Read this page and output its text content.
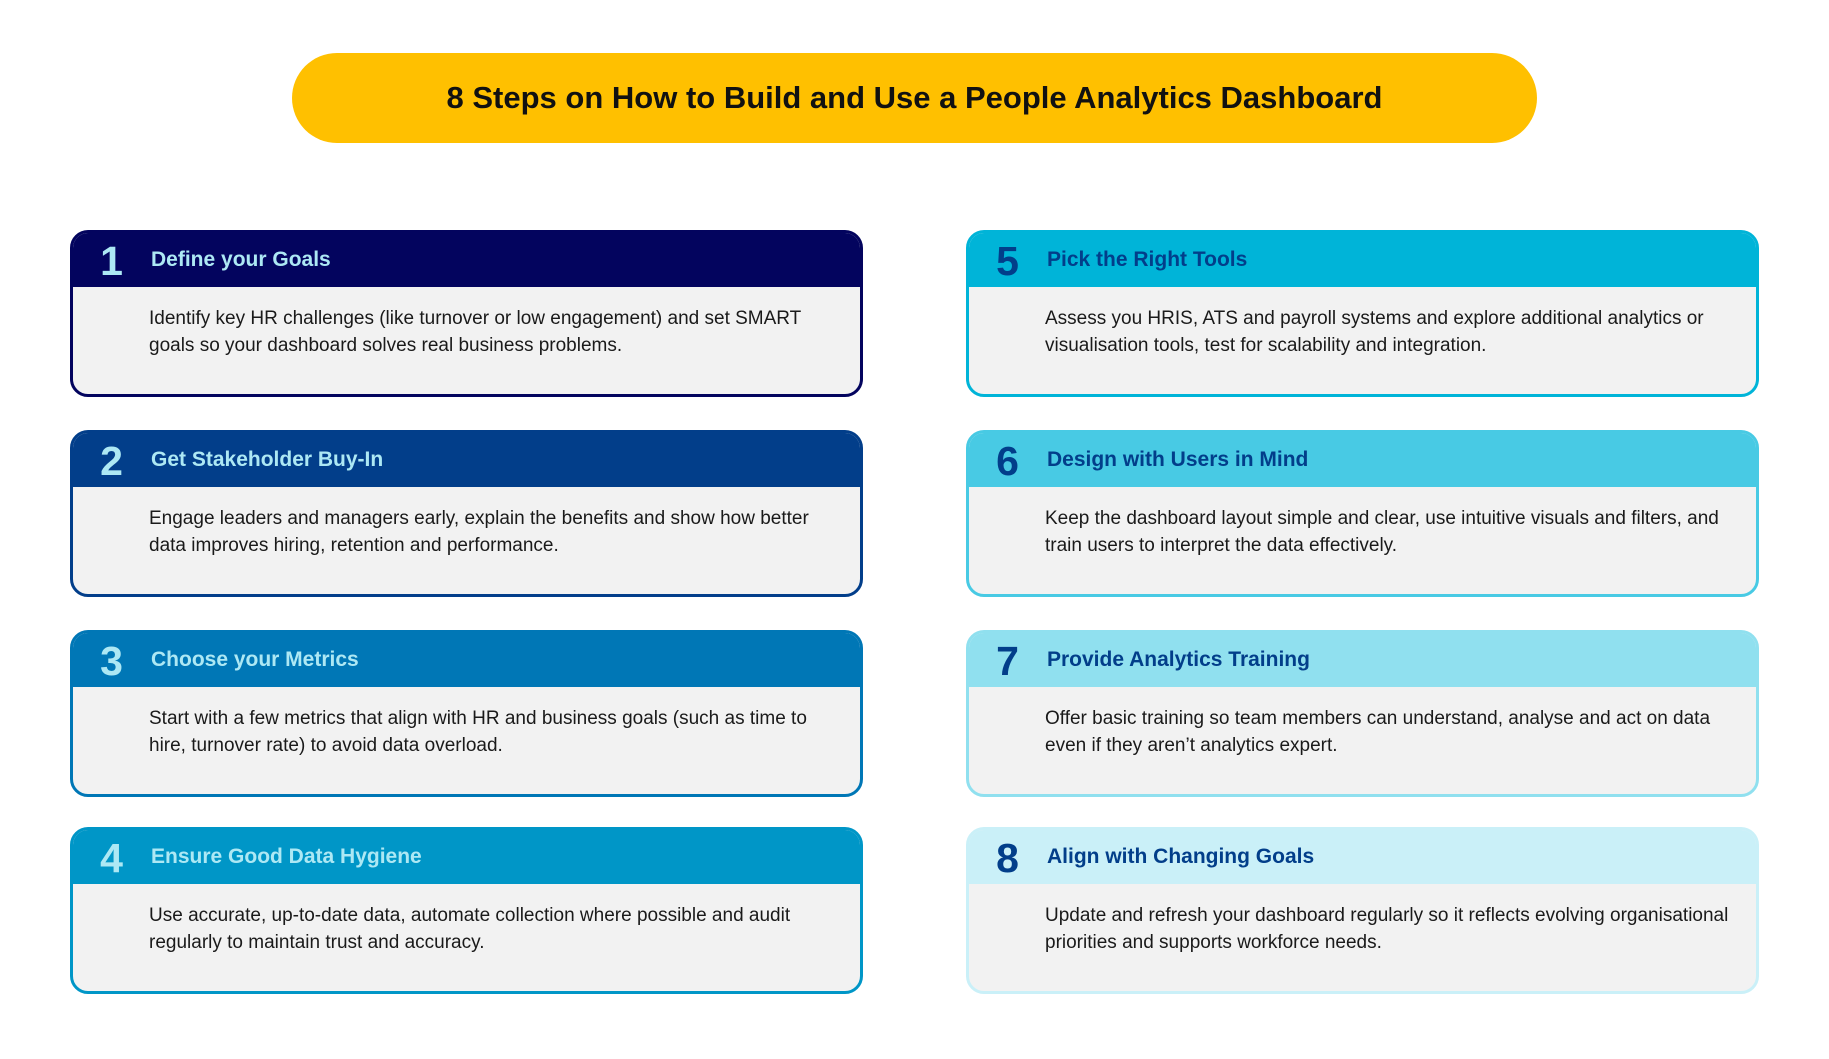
8 Steps on How to Build and Use a People Analytics Dashboard
1	Define your Goals
Identify key HR challenges (like turnover or low engagement) and set SMART goals so your dashboard solves real business problems.
2	Get Stakeholder Buy-In
Engage leaders and managers early, explain the benefits and show how better data improves hiring, retention and performance.
3	Choose your Metrics
Start with a few metrics that align with HR and business goals (such as time to hire, turnover rate) to avoid data overload.
4	Ensure Good Data Hygiene
Use accurate, up-to-date data, automate collection where possible and audit regularly to maintain trust and accuracy.
5	Pick the Right Tools
Assess you HRIS, ATS and payroll systems and explore additional analytics or visualisation tools, test for scalability and integration.
6	Design with Users in Mind
Keep the dashboard layout simple and clear, use intuitive visuals and filters, and train users to interpret the data effectively.
7	Provide Analytics Training
Offer basic training so team members can understand, analyse and act on data even if they aren’t analytics expert.
8	Align with Changing Goals
Update and refresh your dashboard regularly so it reflects evolving organisational priorities and supports workforce needs.
